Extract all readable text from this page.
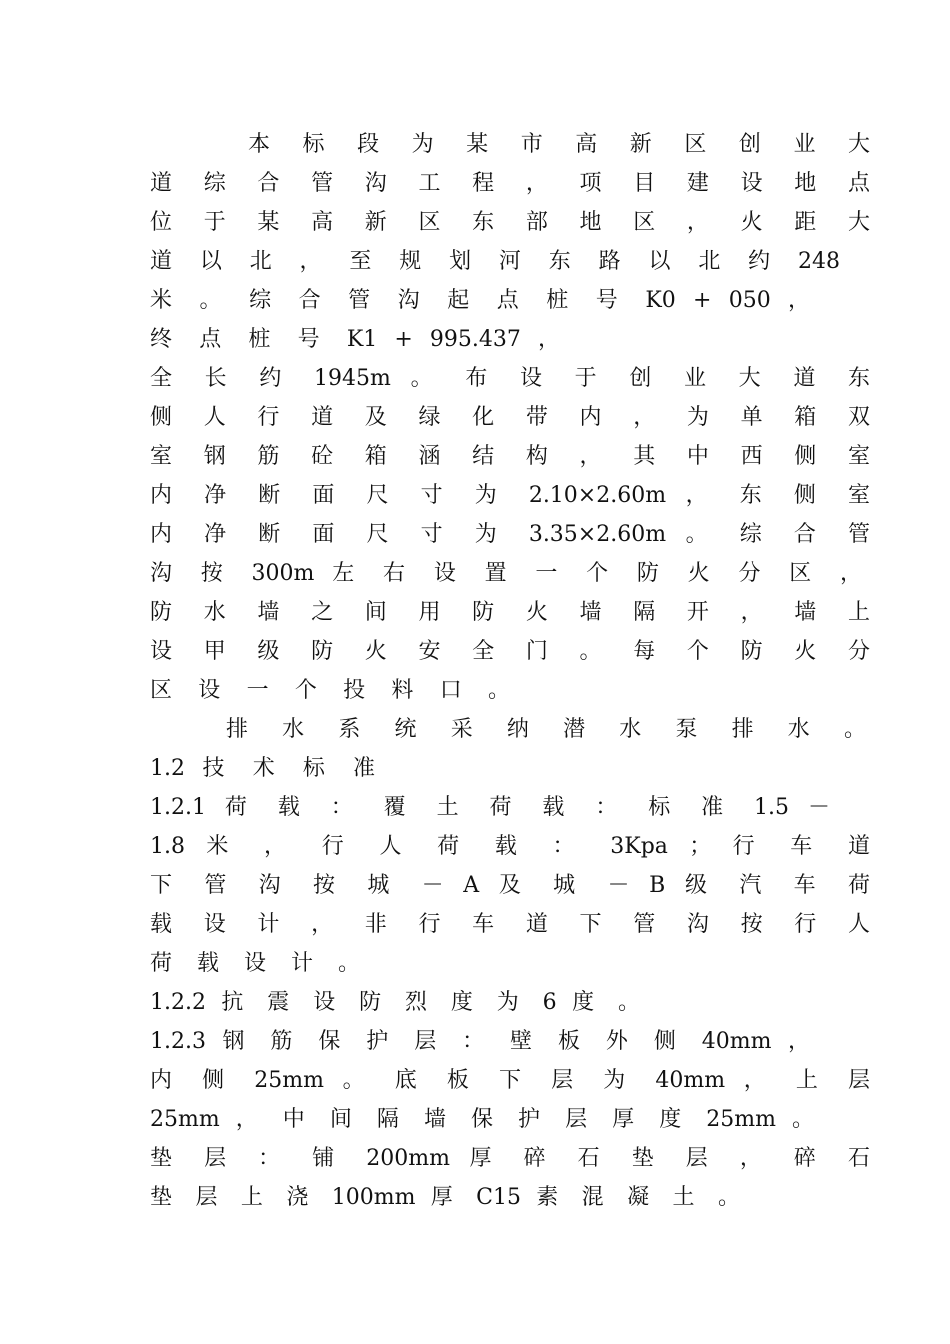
本 标 段 为 某 市 高 新 区 创 业 大
道 综 合 管 沟 工 程 ， 项 目 建 设 地 点
位 于 某 高 新 区 东 部 地 区 ， 火 距 大
道 以 北 ， 至 规 划 河 东 路 以 北 约 248
米 。 综 合 管 沟 起 点 桩 号 K0 + 050 ，
终 点 桩 号 K1 + 995.437 ，
全 长 约 1945m 。 布 设 于 创 业 大 道 东
侧 人 行 道 及 绿 化 带 内 ， 为 单 箱 双
室 钢 筋 砼 箱 涵 结 构 ， 其 中 西 侧 室
内 净 断 面 尺 寸 为 2.10×2.60m ， 东 侧 室
内 净 断 面 尺 寸 为 3.35×2.60m 。 综 合 管
沟 按 300m 左 右 设 置 一 个 防 火 分 区 ，
防 水 墙 之 间 用 防 火 墙 隔 开 ， 墙 上
设 甲 级 防 火 安 全 门 。 每 个 防 火 分
区 设 一 个 投 料 口 。
排 水 系 统 采 纳 潜 水 泵 排 水 。
1.2 技 术 标 准
1.2.1 荷 载 ： 覆 土 荷 载 ： 标 准 1.5 －
1.8 米 ， 行 人 荷 载 ： 3Kpa ； 行 车 道
下 管 沟 按 城 － A 及 城 － B 级 汽 车 荷
载 设 计 ， 非 行 车 道 下 管 沟 按 行 人
荷 载 设 计 。
1.2.2 抗 震 设 防 烈 度 为 6 度 。
1.2.3 钢 筋 保 护 层 ： 壁 板 外 侧 40mm ，
内 侧 25mm 。 底 板 下 层 为 40mm ， 上 层
25mm ， 中 间 隔 墙 保 护 层 厚 度 25mm 。
垫 层 ： 铺 200mm 厚 碎 石 垫 层 ， 碎 石
垫 层 上 浇 100mm 厚 C15 素 混 凝 土 。
